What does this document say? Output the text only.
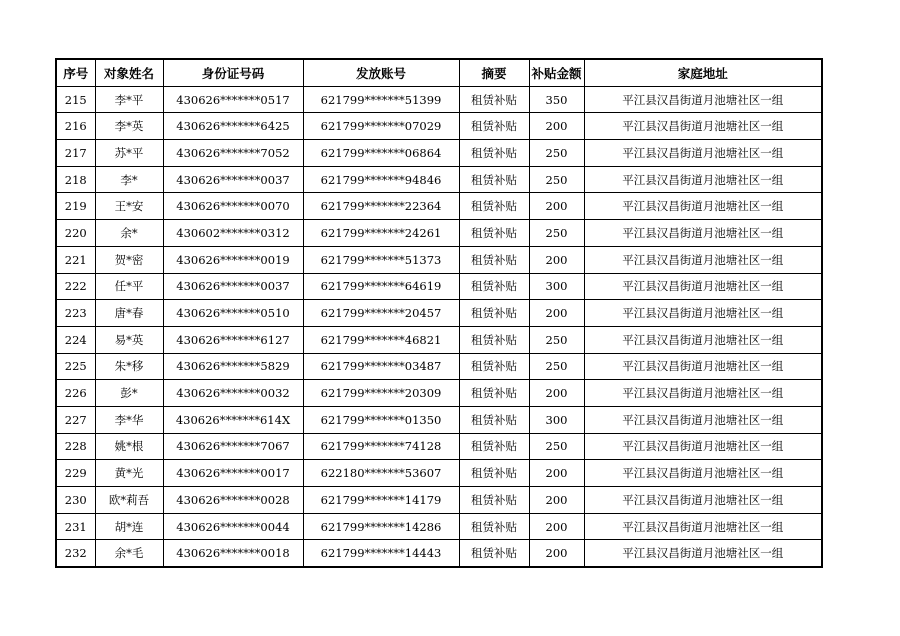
序号	对象姓名	身份证号码	发放账号	摘要	补贴金额	家庭地址
215	李*平	430626*******0517	621799*******51399	租赁补贴	350	平江县汉昌街道月池塘社区一组
216	李*英	430626*******6425	621799*******07029	租赁补贴	200	平江县汉昌街道月池塘社区一组
217	苏*平	430626*******7052	621799*******06864	租赁补贴	250	平江县汉昌街道月池塘社区一组
218	李*	430626*******0037	621799*******94846	租赁补贴	250	平江县汉昌街道月池塘社区一组
219	王*安	430626*******0070	621799*******22364	租赁补贴	200	平江县汉昌街道月池塘社区一组
220	余*	430602*******0312	621799*******24261	租赁补贴	250	平江县汉昌街道月池塘社区一组
221	贺*密	430626*******0019	621799*******51373	租赁补贴	200	平江县汉昌街道月池塘社区一组
222	任*平	430626*******0037	621799*******64619	租赁补贴	300	平江县汉昌街道月池塘社区一组
223	唐*春	430626*******0510	621799*******20457	租赁补贴	200	平江县汉昌街道月池塘社区一组
224	易*英	430626*******6127	621799*******46821	租赁补贴	250	平江县汉昌街道月池塘社区一组
225	朱*移	430626*******5829	621799*******03487	租赁补贴	250	平江县汉昌街道月池塘社区一组
226	彭*	430626*******0032	621799*******20309	租赁补贴	200	平江县汉昌街道月池塘社区一组
227	李*华	430626*******614X	621799*******01350	租赁补贴	300	平江县汉昌街道月池塘社区一组
228	姚*根	430626*******7067	621799*******74128	租赁补贴	250	平江县汉昌街道月池塘社区一组
229	黄*光	430626*******0017	622180*******53607	租赁补贴	200	平江县汉昌街道月池塘社区一组
230	欧*莉吾	430626*******0028	621799*******14179	租赁补贴	200	平江县汉昌街道月池塘社区一组
231	胡*连	430626*******0044	621799*******14286	租赁补贴	200	平江县汉昌街道月池塘社区一组
232	余*毛	430626*******0018	621799*******14443	租赁补贴	200	平江县汉昌街道月池塘社区一组
